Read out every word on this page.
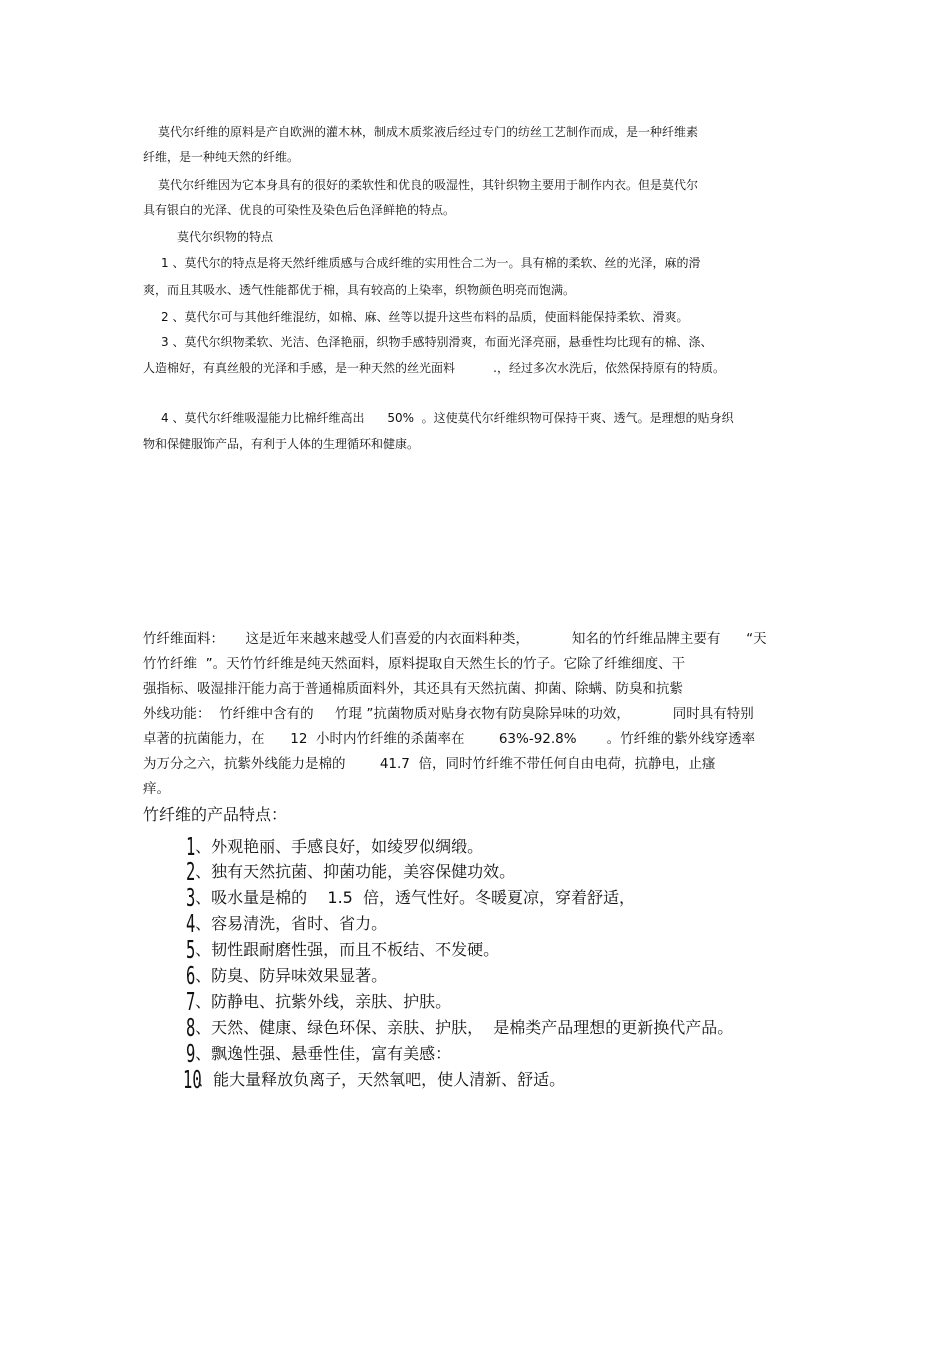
莫代尔纤维的原料是产自欧洲的灌木林，制成木质浆液后经过专门的纺丝工艺制作而成，是一种纤维素
纤维，是一种纯天然的纤维。
莫代尔纤维因为它本身具有的很好的柔软性和优良的吸湿性，其针织物主要用于制作内衣。但是莫代尔
具有银白的光泽、优良的可染性及染色后色泽鲜艳的特点。
莫代尔织物的特点
1 、莫代尔的特点是将天然纤维质感与合成纤维的实用性合二为一。具有棉的柔软、丝的光泽，麻的滑
爽，而且其吸水、透气性能都优于棉，具有较高的上染率，织物颜色明亮而饱满。
2 、莫代尔可与其他纤维混纺，如棉、麻、丝等以提升这些布料的品质，使面料能保持柔软、滑爽。
3 、莫代尔织物柔软、光洁、色泽艳丽，织物手感特别滑爽，布面光泽亮丽，悬垂性均比现有的棉、涤、
人造棉好，有真丝般的光泽和手感，是一种天然的丝光面料          .，经过多次水洗后，依然保持原有的特质。
4 、莫代尔纤维吸湿能力比棉纤维高出      50%  。这使莫代尔纤维织物可保持干爽、透气。是理想的贴身织
物和保健服饰产品，有利于人体的生理循环和健康。
竹纤维面料：     这是近年来越来越受人们喜爱的内衣面料种类，          知名的竹纤维品牌主要有      “天
竹竹纤维  ”。天竹竹纤维是纯天然面料，原料提取自天然生长的竹子。它除了纤维细度、干
强指标、吸湿排汗能力高于普通棉质面料外，其还具有天然抗菌、抑菌、除螨、防臭和抗紫
外线功能：  竹纤维中含有的     竹琨 ”抗菌物质对贴身衣物有防臭除异味的功效，          同时具有特别
卓著的抗菌能力，在      12  小时内竹纤维的杀菌率在        63%-92.8%       。竹纤维的紫外线穿透率
为万分之六，抗紫外线能力是棉的        41.7  倍，同时竹纤维不带任何自由电荷，抗静电，止瘙
痒。
竹纤维的产品特点：
1、外观艳丽、手感良好，如绫罗似绸缎。
2、独有天然抗菌、抑菌功能，美容保健功效。
3、吸水量是棉的    1.5  倍，透气性好。冬暖夏凉，穿着舒适，
4、容易清洗，省时、省力。
5、韧性跟耐磨性强，而且不板结、不发硬。
6、防臭、防异味效果显著。
7、防静电、抗紫外线，亲肤、护肤。
8、天然、健康、绿色环保、亲肤、护肤，  是棉类产品理想的更新换代产品。
9、飘逸性强、悬垂性佳，富有美感：
10、能大量释放负离子，天然氧吧，使人清新、舒适。
